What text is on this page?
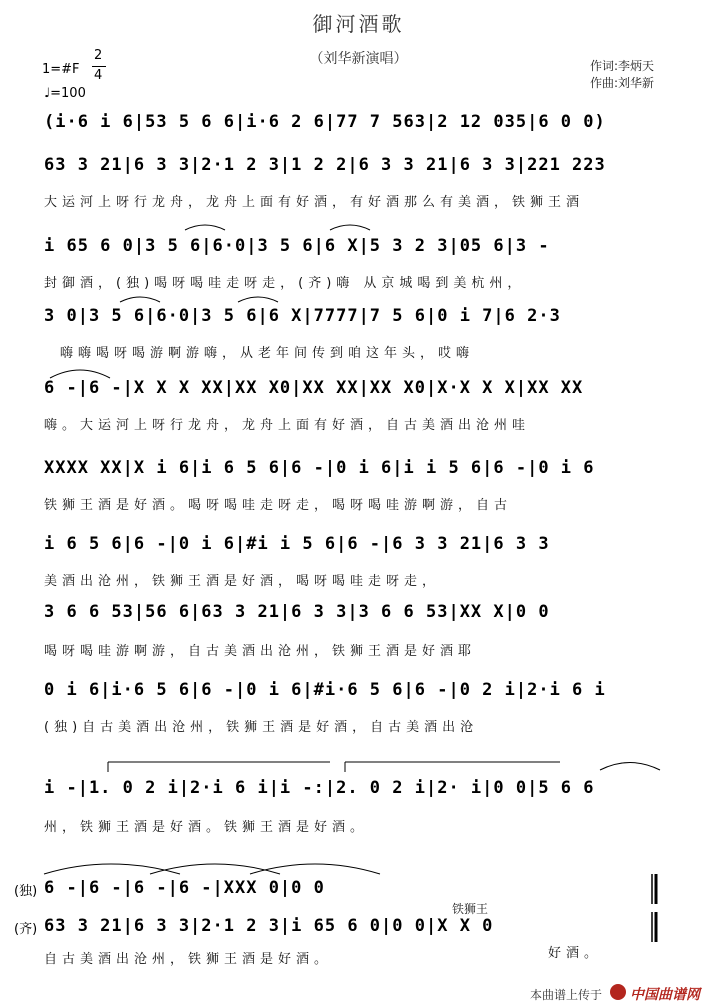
御河酒歌
（刘华新演唱）
1=#F
2
4
♩=100
作词:李炳天
作曲:刘华新
(i·6 i 6|53 5 6 6|i·6 2 6|77 7 563|2 12 035|6 0 0)
63 3 21|6 3 3|2·1 2 3|1 2 2|6 3 3 21|6 3 3|221 223
大运河上呀行龙舟，龙舟上面有好酒，有好酒那么有美酒，铁狮王酒
i 65 6 0|3 5 6|6·0|3 5 6|6 X|5 3 2 3|05 6|3 -
封御酒，(独)喝呀喝哇走呀走，(齐)嗨 从京城喝到美杭州，
3 0|3 5 6|6·0|3 5 6|6 X|7777|7 5 6|0 i 7|6 2·3
嗨嗨喝呀喝游啊游嗨，从老年间传到咱这年头，哎嗨
6 -|6 -|X X X XX|XX X0|XX XX|XX X0|X·X X X|XX XX
嗨。大运河上呀行龙舟，龙舟上面有好酒，自古美酒出沧州哇
XXXX XX|X i 6|i 6 5 6|6 -|0 i 6|i i 5 6|6 -|0 i 6
铁狮王酒是好酒。喝呀喝哇走呀走，喝呀喝哇游啊游，自古
i 6 5 6|6 -|0 i 6|#i i 5 6|6 -|6 3 3 21|6 3 3
美酒出沧州，铁狮王酒是好酒，喝呀喝哇走呀走，
3 6 6 53|56 6|63 3 21|6 3 3|3 6 6 53|XX X|0 0
喝呀喝哇游啊游，自古美酒出沧州，铁狮王酒是好酒耶
0 i 6|i·6 5 6|6 -|0 i 6|#i·6 5 6|6 -|0 2 i|2·i 6 i
(独)自古美酒出沧州，铁狮王酒是好酒，自古美酒出沧
i -|1. 0 2 i|2·i 6 i|i -:|2. 0 2 i|2· i|0 0|5 6 6
州，铁狮王酒是好酒。铁狮王酒是好酒。
(独) 6 -|6 -|6 -|6 -|XXX 0|0 0
铁狮王
(齐) 63 3 21|6 3 3|2·1 2 3|i 65 6 0|0 0|X X 0
自古美酒出沧州，铁狮王酒是好酒。	好酒。
本曲谱上传于 中国曲谱网
